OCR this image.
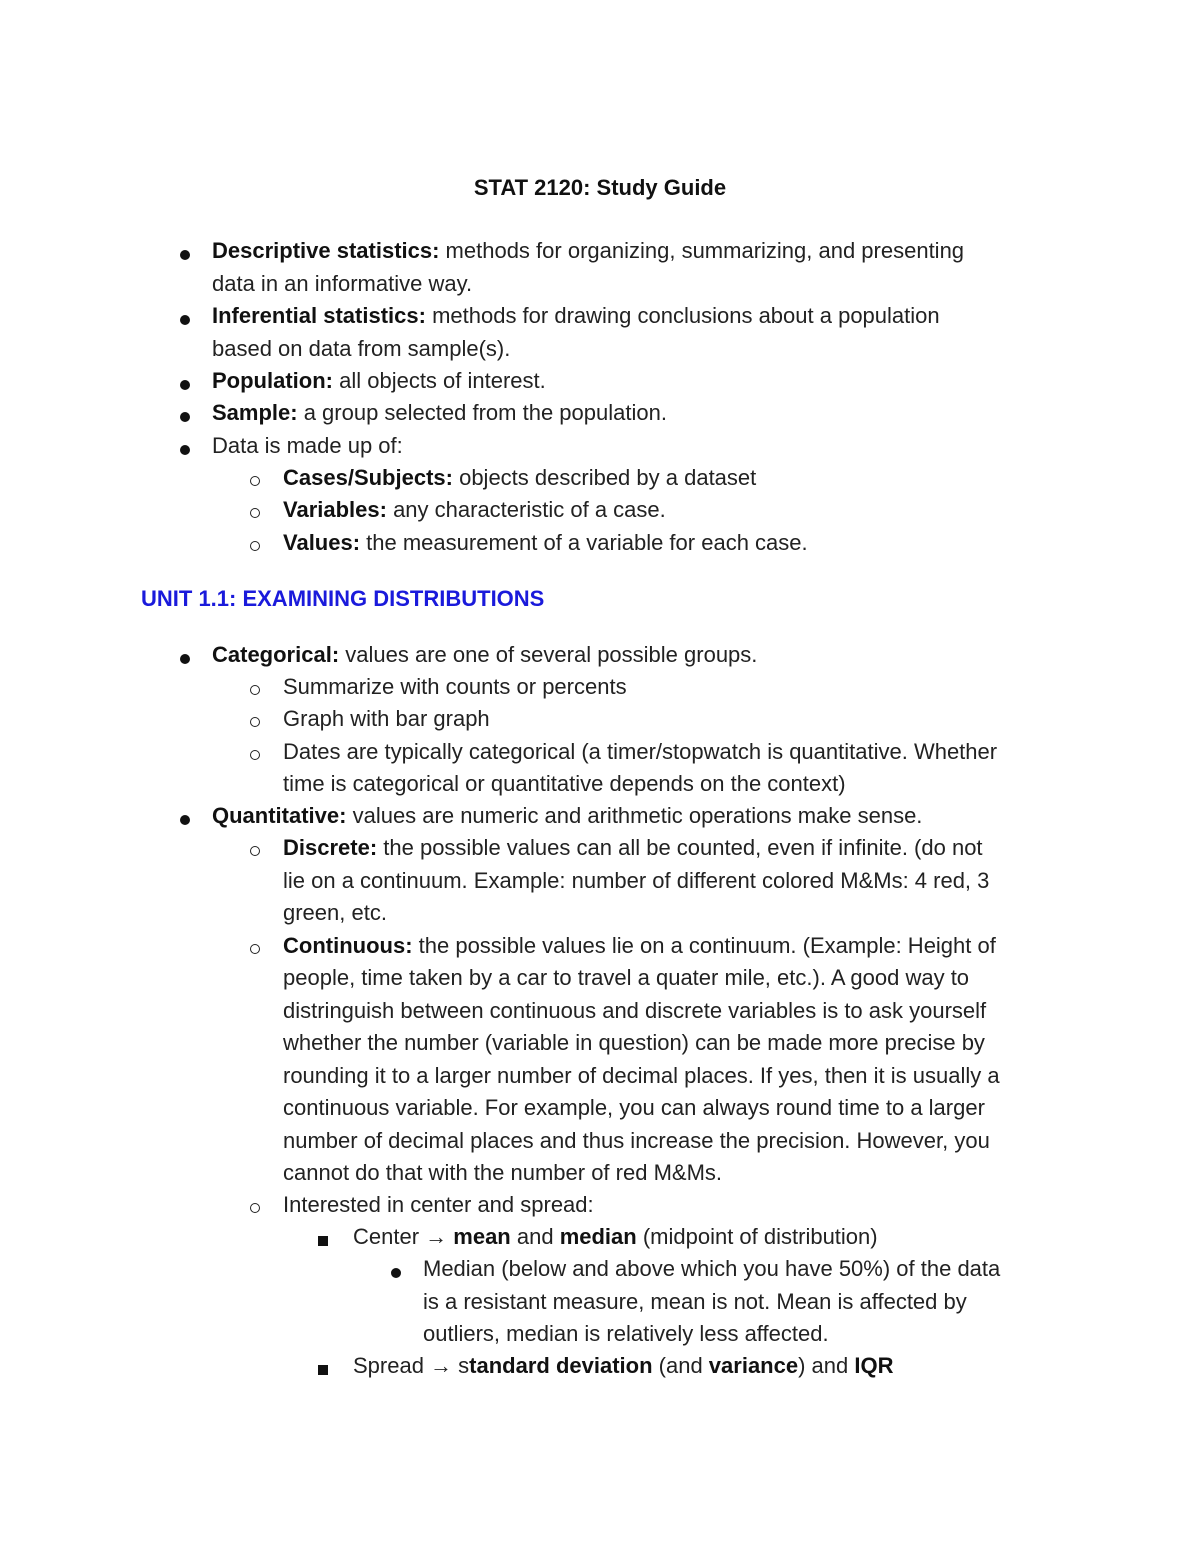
STAT 2120: Study Guide
Descriptive statistics: methods for organizing, summarizing, and presenting
data in an informative way.
Inferential statistics: methods for drawing conclusions about a population
based on data from sample(s).
Population: all objects of interest.
Sample: a group selected from the population.
Data is made up of:
Cases/Subjects: objects described by a dataset
Variables: any characteristic of a case.
Values: the measurement of a variable for each case.
UNIT 1.1: EXAMINING DISTRIBUTIONS
Categorical: values are one of several possible groups.
Summarize with counts or percents
Graph with bar graph
Dates are typically categorical (a timer/stopwatch is quantitative. Whether
time is categorical or quantitative depends on the context)
Quantitative: values are numeric and arithmetic operations make sense.
Discrete: the possible values can all be counted, even if infinite. (do not
lie on a continuum. Example: number of different colored M&Ms: 4 red, 3
green, etc.
Continuous: the possible values lie on a continuum. (Example: Height of
people, time taken by a car to travel a quater mile, etc.). A good way to
distringuish between continuous and discrete variables is to ask yourself
whether the number (variable in question) can be made more precise by
rounding it to a larger number of decimal places. If yes, then it is usually a
continuous variable. For example, you can always round time to a larger
number of decimal places and thus increase the precision. However, you
cannot do that with the number of red M&Ms.
Interested in center and spread:
Center → mean and median (midpoint of distribution)
Median (below and above which you have 50%) of the data
is a resistant measure, mean is not. Mean is affected by
outliers, median is relatively less affected.
Spread → standard deviation (and variance) and IQR
